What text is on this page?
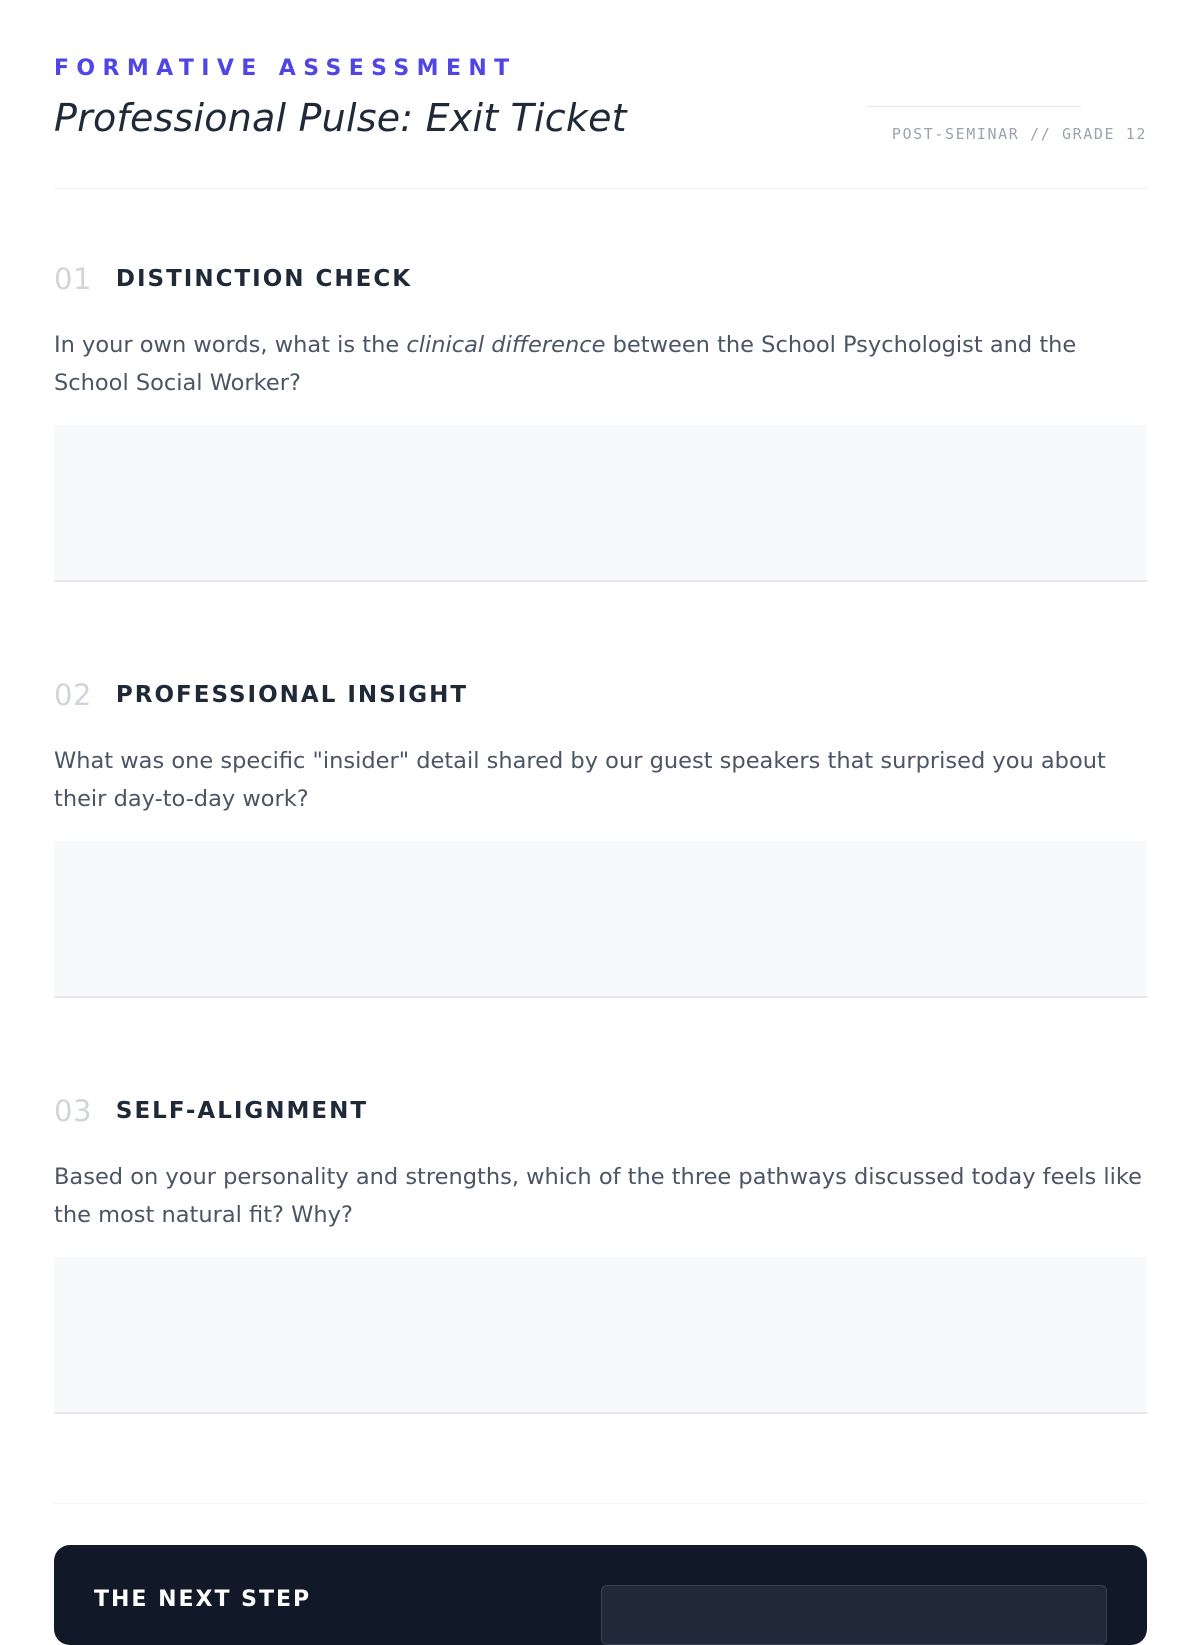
FORMATIVE ASSESSMENT
Professional Pulse: Exit Ticket	POST-SEMINAR // GRADE 12
01 DISTINCTION CHECK

In your own words, what is the clinical difference between the School Psychologist and the School Social Worker?

02 PROFESSIONAL INSIGHT

What was one specific "insider" detail shared by our guest speakers that surprised you about their day-to-day work?

03 SELF-ALIGNMENT

Based on your personality and strengths, which of the three pathways discussed today feels like the most natural fit? Why?

THE NEXT STEP
